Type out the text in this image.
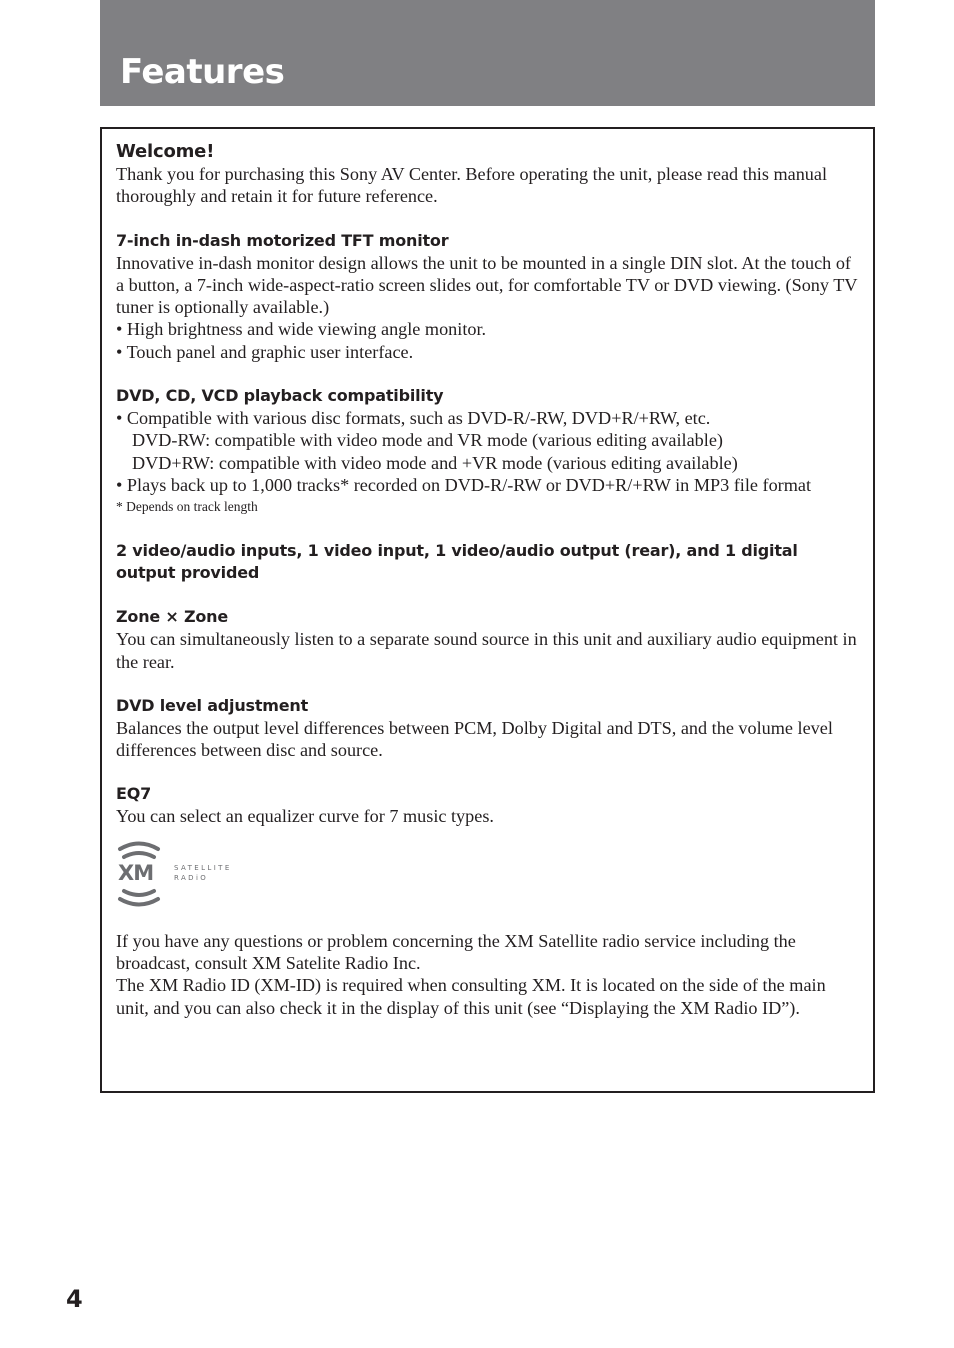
Features
Welcome!
Thank you for purchasing this Sony AV Center. Before operating the unit, please read this manual thoroughly and retain it for future reference.
7-inch in-dash motorized TFT monitor
Innovative in-dash monitor design allows the unit to be mounted in a single DIN slot. At the touch of a button, a 7-inch wide-aspect-ratio screen slides out, for comfortable TV or DVD viewing. (Sony TV tuner is optionally available.)
• High brightness and wide viewing angle monitor.
• Touch panel and graphic user interface.
DVD, CD, VCD playback compatibility
• Compatible with various disc formats, such as DVD-R/-RW, DVD+R/+RW, etc.
DVD-RW: compatible with video mode and VR mode (various editing available)
DVD+RW: compatible with video mode and +VR mode (various editing available)
• Plays back up to 1,000 tracks* recorded on DVD-R/-RW or DVD+R/+RW in MP3 file format
* Depends on track length
2 video/audio inputs, 1 video input, 1 video/audio output (rear), and 1 digital output provided
Zone × Zone
You can simultaneously listen to a separate sound source in this unit and auxiliary audio equipment in the rear.
DVD level adjustment
Balances the output level differences between PCM, Dolby Digital and DTS, and the volume level differences between disc and source.
EQ7
You can select an equalizer curve for 7 music types.
XM	SATELLITE
RADiO
If you have any questions or problem concerning the XM Satellite radio service including the broadcast, consult XM Satelite Radio Inc.
The XM Radio ID (XM-ID) is required when consulting XM. It is located on the side of the main unit, and you can also check it in the display of this unit (see “Displaying the XM Radio ID”).
4
